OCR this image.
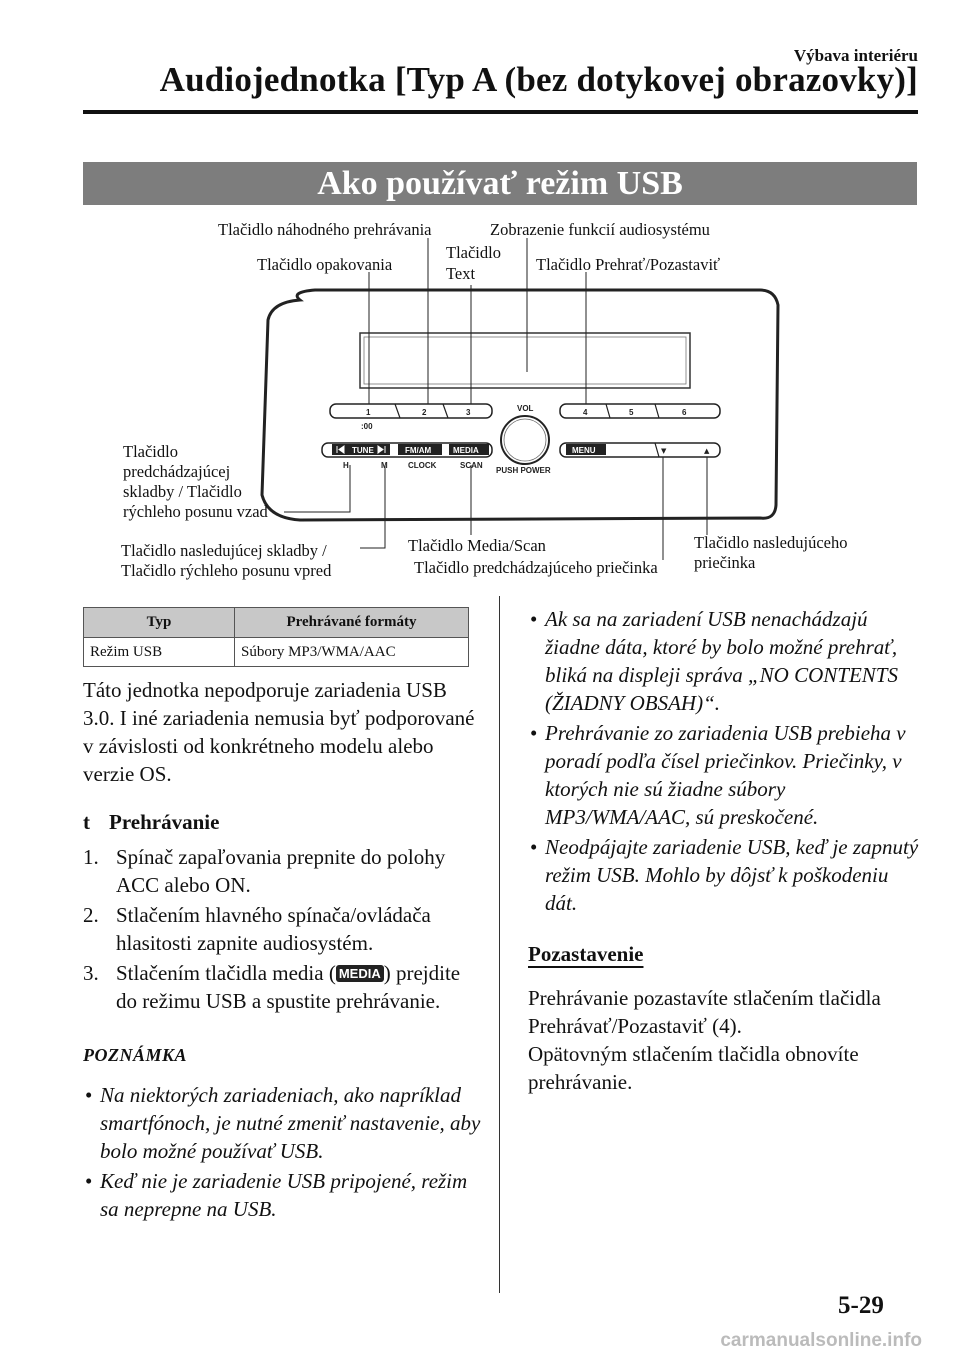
Výbava interiéru
Audiojednotka [Typ A (bez dotykovej obrazovky)]
Ako používať režim USB
VOL
PUSH POWER
1	2	3	4	5	6
:00
H	M	CLOCK	SCAN
TUNE	FM/AM	MEDIA	MENU	▼	▲
Tlačidlo náhodného prehrávania	Zobrazenie funkcií audiosystému
Tlačidlo opakovania
Tlačidlo
Text	Tlačidlo Prehrať/Pozastaviť
Tlačidlo
predchádzajúcej
skladby / Tlačidlo
rýchleho posunu vzad
Tlačidlo nasledujúcej skladby /
Tlačidlo rýchleho posunu vpred
Tlačidlo Media/Scan
Tlačidlo predchádzajúceho priečinka
Tlačidlo nasledujúceho
priečinka
Typ	Prehrávané formáty
Režim USB	Súbory MP3/WMA/AAC

Táto jednotka nepodporuje zariadenia USB 3.0. I iné zariadenia nemusia byť podporované v závislosti od konkrétneho modelu alebo verzie OS.

t Prehrávanie
1. Spínač zapaľovania prepnite do polohy ACC alebo ON.
2. Stlačením hlavného spínača/ovládača hlasitosti zapnite audiosystém.
3. Stlačením tlačidla media ( MEDIA ) prejdite do režimu USB a spustite prehrávanie.
POZNÁMKA
• Na niektorých zariadeniach, ako napríklad smartfónoch, je nutné zmeniť nastavenie, aby bolo možné používať USB.
• Keď nie je zariadenie USB pripojené, režim sa neprepne na USB.
• Ak sa na zariadení USB nenachádzajú žiadne dáta, ktoré by bolo možné prehrať, bliká na displeji správa „NO CONTENTS (ŽIADNY OBSAH)“.
• Prehrávanie zo zariadenia USB prebieha v poradí podľa čísel priečinkov. Priečinky, v ktorých nie sú žiadne súbory MP3/WMA/AAC, sú preskočené.
• Neodpájajte zariadenie USB, keď je zapnutý režim USB. Mohlo by dôjsť k poškodeniu dát.
Pozastavenie

Prehrávanie pozastavíte stlačením tlačidla Prehrávať/Pozastaviť (4).

Opätovným stlačením tlačidla obnovíte prehrávanie.

5-29
carmanualsonline.info
